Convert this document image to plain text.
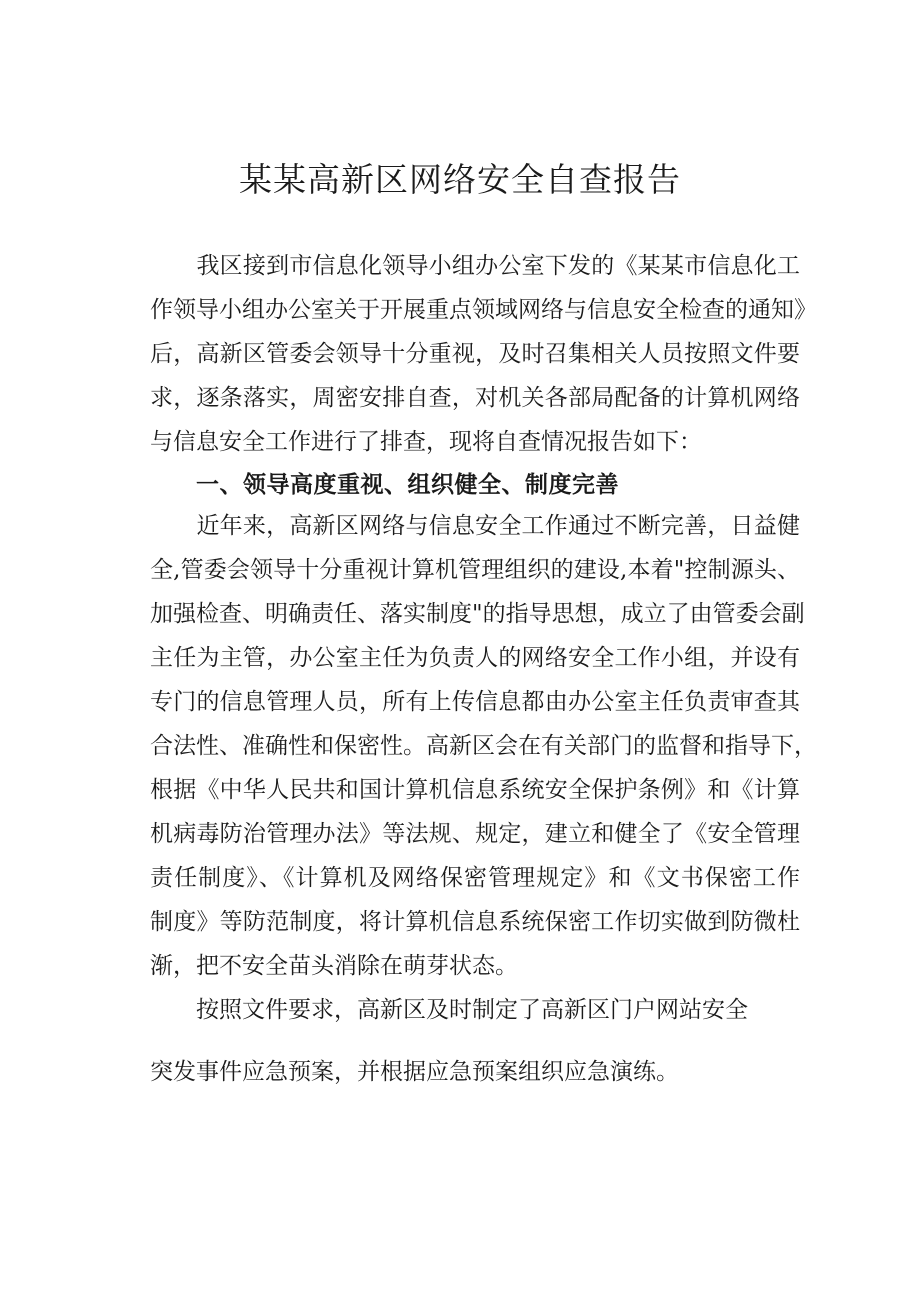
某某高新区网络安全自查报告
　　我区接到市信息化领导小组办公室下发的《某某市信息化工
作领导小组办公室关于开展重点领域网络与信息安全检查的通知》
后，高新区管委会领导十分重视，及时召集相关人员按照文件要
求，逐条落实，周密安排自查，对机关各部局配备的计算机网络
与信息安全工作进行了排查，现将自查情况报告如下：
一、领导高度重视、组织健全、制度完善
　　近年来，高新区网络与信息安全工作通过不断完善，日益健
全,管委会领导十分重视计算机管理组织的建设,本着"控制源头、
加强检查、明确责任、落实制度"的指导思想，成立了由管委会副
主任为主管，办公室主任为负责人的网络安全工作小组，并设有
专门的信息管理人员，所有上传信息都由办公室主任负责审查其
合法性、准确性和保密性。高新区会在有关部门的监督和指导下，
根据《中华人民共和国计算机信息系统安全保护条例》和《计算
机病毒防治管理办法》等法规、规定，建立和健全了《安全管理
责任制度》、《计算机及网络保密管理规定》和《文书保密工作
制度》等防范制度，将计算机信息系统保密工作切实做到防微杜
渐，把不安全苗头消除在萌芽状态。
　　按照文件要求，高新区及时制定了高新区门户网站安全
突发事件应急预案，并根据应急预案组织应急演练。
